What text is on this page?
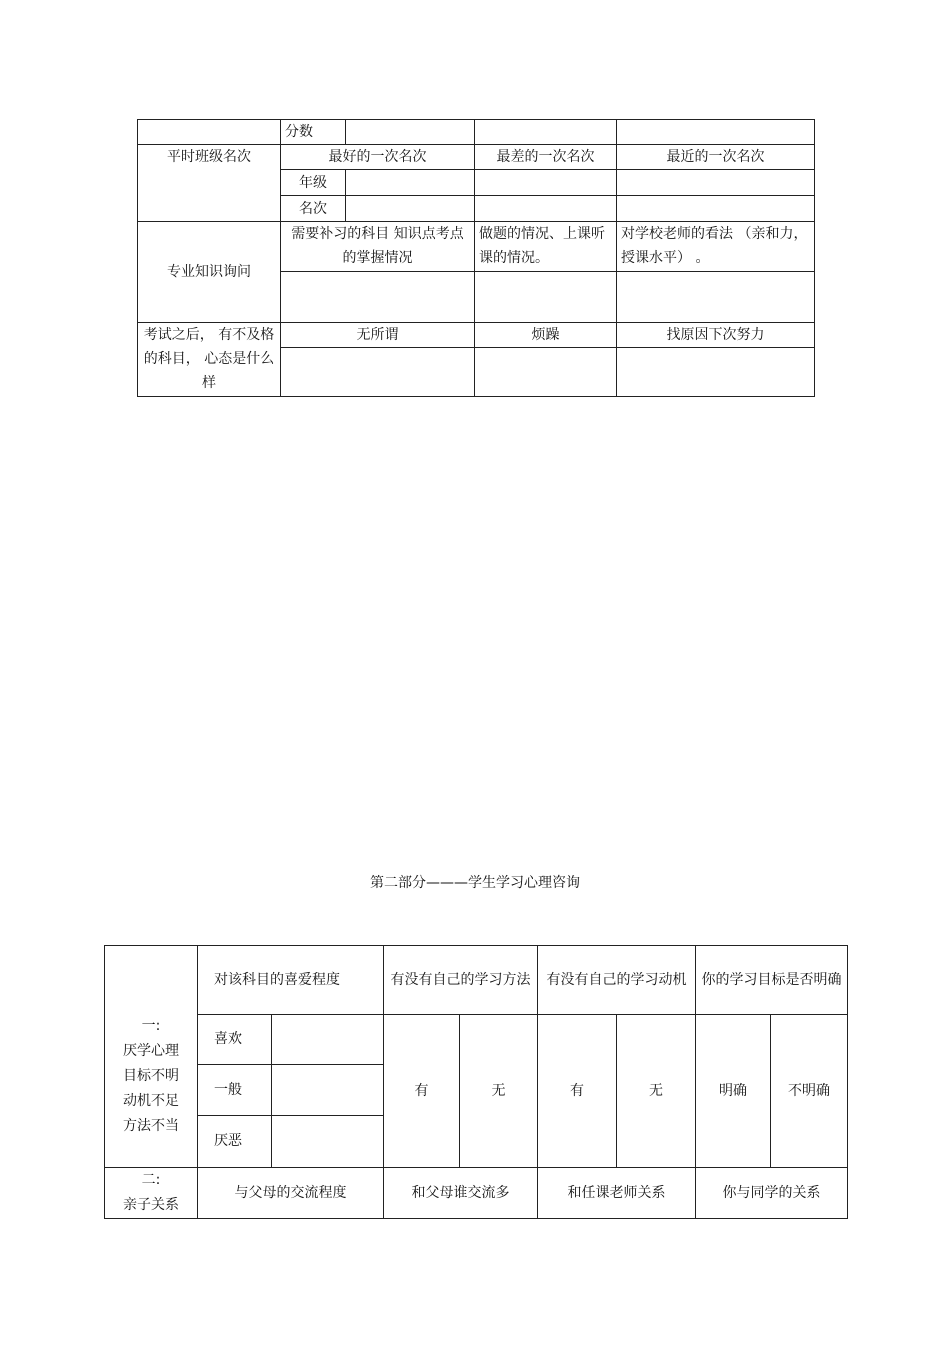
	分数			
平时班级名次	最好的一次名次		最差的一次名次	最近的一次名次
	年级			
	名次			
专业知识询问	需要补习的科目 知识点考点的掌握情况		做题的情况、上课听课的情况。	对学校老师的看法 （亲和力，授课水平） 。

考试之后， 有不及格的科目， 心态是什么样	无所谓		烦躁	找原因下次努力

第二部分———学生学习心理咨询
一:
厌学心理
目标不明
动机不足
方法不当	对该科目的喜爱程度		有没有自己的学习方法		有没有自己的学习动机		你的学习目标是否明确	
	喜欢		有	无	有	无	明确	不明确
	一般							
	厌恶							
二:
亲子关系	与父母的交流程度		和父母谁交流多		和任课老师关系		你与同学的关系	
